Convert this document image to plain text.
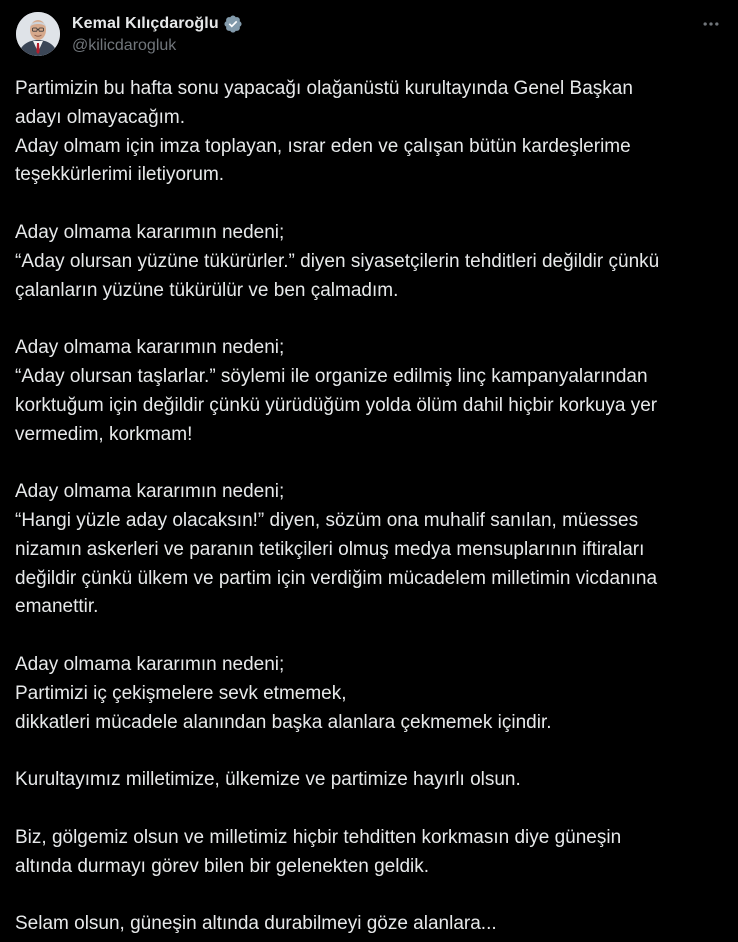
Kemal Kılıçdaroğlu
@kilicdarogluk

Partimizin bu hafta sonu yapacağı olağanüstü kurultayında Genel Başkan

adayı olmayacağım.

Aday olmam için imza toplayan, ısrar eden ve çalışan bütün kardeşlerime

teşekkürlerimi iletiyorum.

Aday olmama kararımın nedeni;

“Aday olursan yüzüne tükürürler.” diyen siyasetçilerin tehditleri değildir çünkü

çalanların yüzüne tükürülür ve ben çalmadım.

Aday olmama kararımın nedeni;

“Aday olursan taşlarlar.” söylemi ile organize edilmiş linç kampanyalarından

korktuğum için değildir çünkü yürüdüğüm yolda ölüm dahil hiçbir korkuya yer

vermedim, korkmam!

Aday olmama kararımın nedeni;

“Hangi yüzle aday olacaksın!” diyen, sözüm ona muhalif sanılan, müesses

nizamın askerleri ve paranın tetikçileri olmuş medya mensuplarının iftiraları

değildir çünkü ülkem ve partim için verdiğim mücadelem milletimin vicdanına

emanettir.

Aday olmama kararımın nedeni;

Partimizi iç çekişmelere sevk etmemek,

dikkatleri mücadele alanından başka alanlara çekmemek içindir.

Kurultayımız milletimize, ülkemize ve partimize hayırlı olsun.

Biz, gölgemiz olsun ve milletimiz hiçbir tehditten korkmasın diye güneşin

altında durmayı görev bilen bir gelenekten geldik.

Selam olsun, güneşin altında durabilmeyi göze alanlara...
